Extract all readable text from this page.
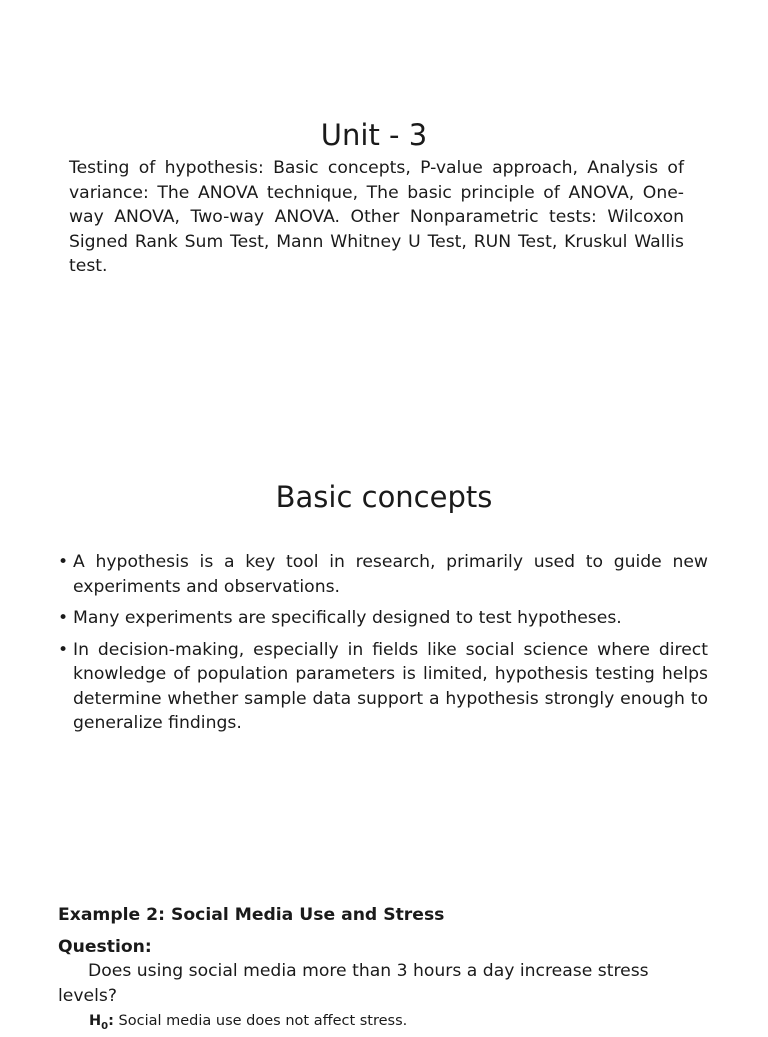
Unit - 3

Testing of hypothesis: Basic concepts, P-value approach, Analysis of variance: The ANOVA technique, The basic principle of ANOVA, One-way ANOVA, Two-way ANOVA. Other Nonparametric tests: Wilcoxon Signed Rank Sum Test, Mann Whitney U Test, RUN Test, Kruskul Wallis test.

Basic concepts
• A hypothesis is a key tool in research, primarily used to guide new experiments and observations.
• Many experiments are specifically designed to test hypotheses.
• In decision-making, especially in fields like social science where direct knowledge of population parameters is limited, hypothesis testing helps determine whether sample data support a hypothesis strongly enough to generalize findings.
Example 2: Social Media Use and Stress
Question:

Does using social media more than 3 hours a day increase stress levels?

$H_0$: Social media use does not affect stress.
